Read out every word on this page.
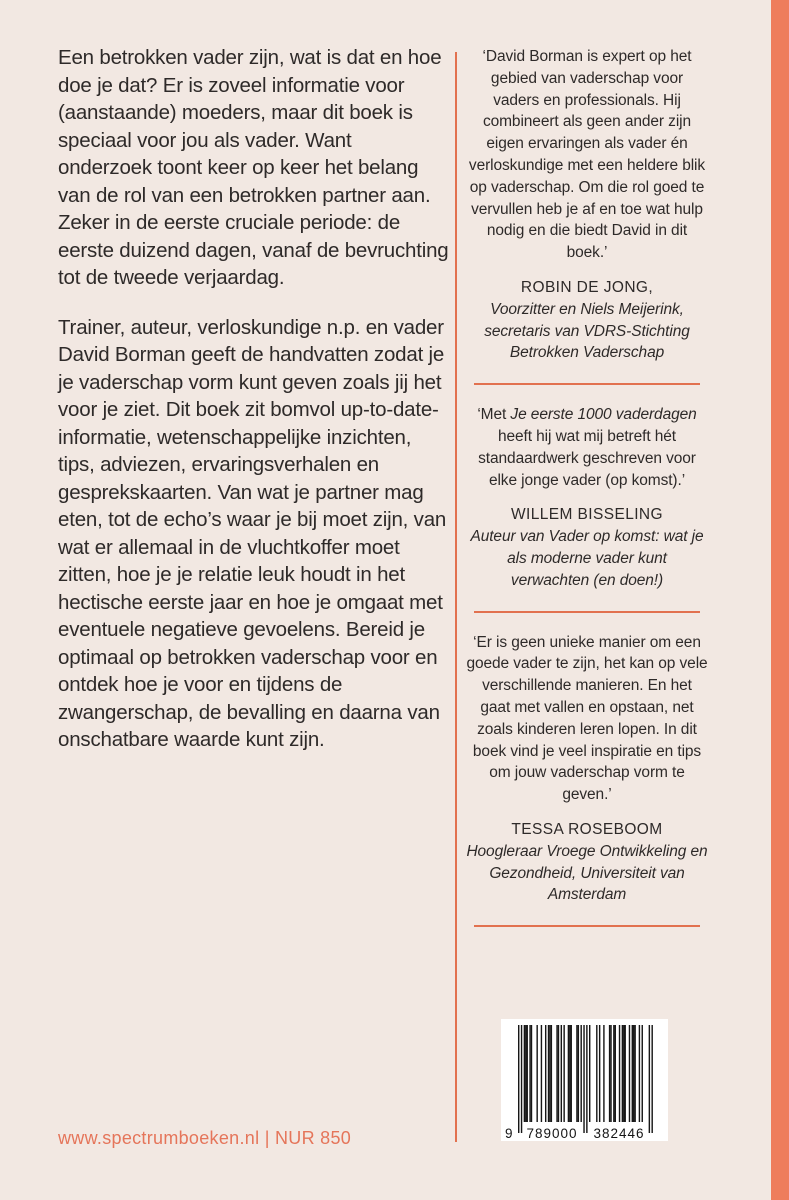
Een betrokken vader zijn, wat is dat en hoe doe je dat? Er is zoveel informatie voor (aanstaande) moeders, maar dit boek is speciaal voor jou als vader. Want onderzoek toont keer op keer het belang van de rol van een betrokken partner aan. Zeker in de eerste cruciale periode: de eerste duizend dagen, vanaf de bevruchting tot de tweede verjaardag.

Trainer, auteur, verloskundige n.p. en vader David Borman geeft de handvatten zodat je je vaderschap vorm kunt geven zoals jij het voor je ziet. Dit boek zit bomvol up-to-date-informatie, wetenschappelijke inzichten, tips, adviezen, ervaringsverhalen en gesprekskaarten. Van wat je partner mag eten, tot de echo’s waar je bij moet zijn, van wat er allemaal in de vluchtkoffer moet zitten, hoe je je relatie leuk houdt in het hectische eerste jaar en hoe je omgaat met eventuele negatieve gevoelens. Bereid je optimaal op betrokken vaderschap voor en ontdek hoe je voor en tijdens de zwangerschap, de bevalling en daarna van onschatbare waarde kunt zijn.

‘David Borman is expert op het gebied van vaderschap voor vaders en professionals. Hij combineert als geen ander zijn eigen ervaringen als vader én verloskundige met een heldere blik op vaderschap. Om die rol goed te vervullen heb je af en toe wat hulp nodig en die biedt David in dit boek.’

ROBIN DE JONG,

Voorzitter en Niels Meijerink, secretaris van VDRS-Stichting Betrokken Vaderschap

‘Met Je eerste 1000 vaderdagen heeft hij wat mij betreft hét standaardwerk geschreven voor elke jonge vader (op komst).’

WILLEM BISSELING

Auteur van Vader op komst: wat je als moderne vader kunt verwachten (en doen!)

‘Er is geen unieke manier om een goede vader te zijn, het kan op vele verschillende manieren. En het gaat met vallen en opstaan, net zoals kinderen leren lopen. In dit boek vind je veel inspiratie en tips om jouw vaderschap vorm te geven.’

TESSA ROSEBOOM

Hoogleraar Vroege Ontwikkeling en Gezondheid, Universiteit van Amsterdam

9 789000 382446
www.spectrumboeken.nl | NUR 850
